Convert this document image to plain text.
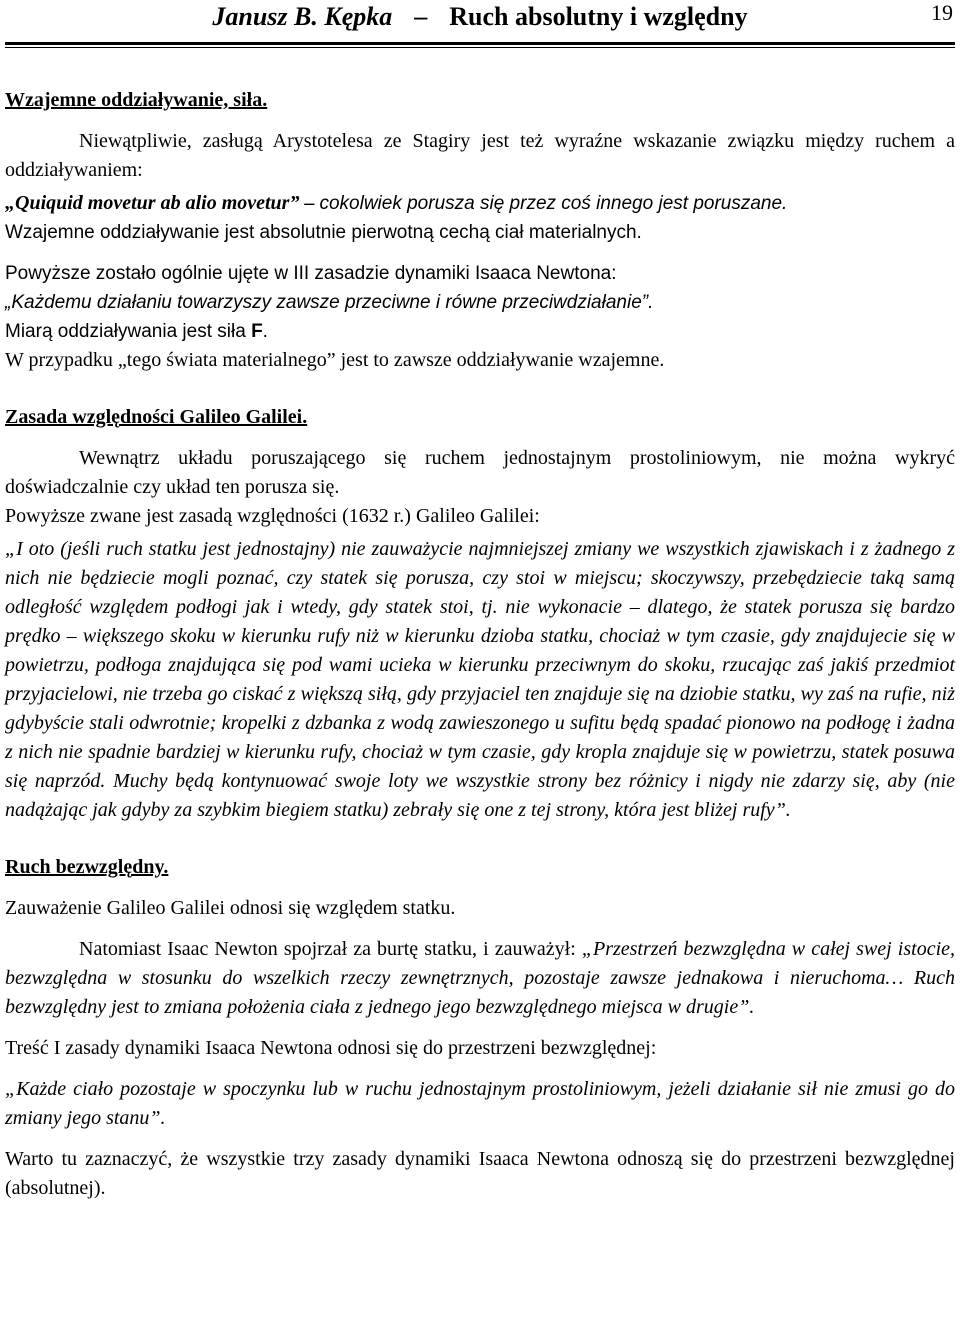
Janusz B. Kępka – Ruch absolutny i względny	19

Wzajemne oddziaływanie, siła.

Niewątpliwie, zasługą Arystotelesa ze Stagiry jest też wyraźne wskazanie związku między ruchem a oddziaływaniem:

„Quiquid movetur ab alio movetur” – cokolwiek porusza się przez coś innego jest poruszane.

Wzajemne oddziaływanie jest absolutnie pierwotną cechą ciał materialnych.

Powyższe zostało ogólnie ujęte w III zasadzie dynamiki Isaaca Newtona:

„Każdemu działaniu towarzyszy zawsze przeciwne i równe przeciwdziałanie”.

Miarą oddziaływania jest siła F.

W przypadku „tego świata materialnego” jest to zawsze oddziaływanie wzajemne.

Zasada względności Galileo Galilei.

Wewnątrz układu poruszającego się ruchem jednostajnym prostoliniowym, nie można wykryć doświadczalnie czy układ ten porusza się.

Powyższe zwane jest zasadą względności (1632 r.) Galileo Galilei:

„I oto (jeśli ruch statku jest jednostajny) nie zauważycie najmniejszej zmiany we wszystkich zjawiskach i z żadnego z nich nie będziecie mogli poznać, czy statek się porusza, czy stoi w miejscu; skoczywszy, przebędziecie taką samą odległość względem podłogi jak i wtedy, gdy statek stoi, tj. nie wykonacie – dlatego, że statek porusza się bardzo prędko – większego skoku w kierunku rufy niż w kierunku dzioba statku, chociaż w tym czasie, gdy znajdujecie się w powietrzu, podłoga znajdująca się pod wami ucieka w kierunku przeciwnym do skoku, rzucając zaś jakiś przedmiot przyjacielowi, nie trzeba go ciskać z większą siłą, gdy przyjaciel ten znajduje się na dziobie statku, wy zaś na rufie, niż gdybyście stali odwrotnie; kropelki z dzbanka z wodą zawieszonego u sufitu będą spadać pionowo na podłogę i żadna z nich nie spadnie bardziej w kierunku rufy, chociaż w tym czasie, gdy kropla znajduje się w powietrzu, statek posuwa się naprzód. Muchy będą kontynuować swoje loty we wszystkie strony bez różnicy i nigdy nie zdarzy się, aby (nie nadążając jak gdyby za szybkim biegiem statku) zebrały się one z tej strony, która jest bliżej rufy”.

Ruch bezwzględny.

Zauważenie Galileo Galilei odnosi się względem statku.

Natomiast Isaac Newton spojrzał za burtę statku, i zauważył: „Przestrzeń bezwzględna w całej swej istocie, bezwzględna w stosunku do wszelkich rzeczy zewnętrznych, pozostaje zawsze jednakowa i nieruchoma… Ruch bezwzględny jest to zmiana położenia ciała z jednego jego bezwzględnego miejsca w drugie”.

Treść I zasady dynamiki Isaaca Newtona odnosi się do przestrzeni bezwzględnej:

„Każde ciało pozostaje w spoczynku lub w ruchu jednostajnym prostoliniowym, jeżeli działanie sił nie zmusi go do zmiany jego stanu”.

Warto tu zaznaczyć, że wszystkie trzy zasady dynamiki Isaaca Newtona odnoszą się do przestrzeni bezwzględnej (absolutnej).
